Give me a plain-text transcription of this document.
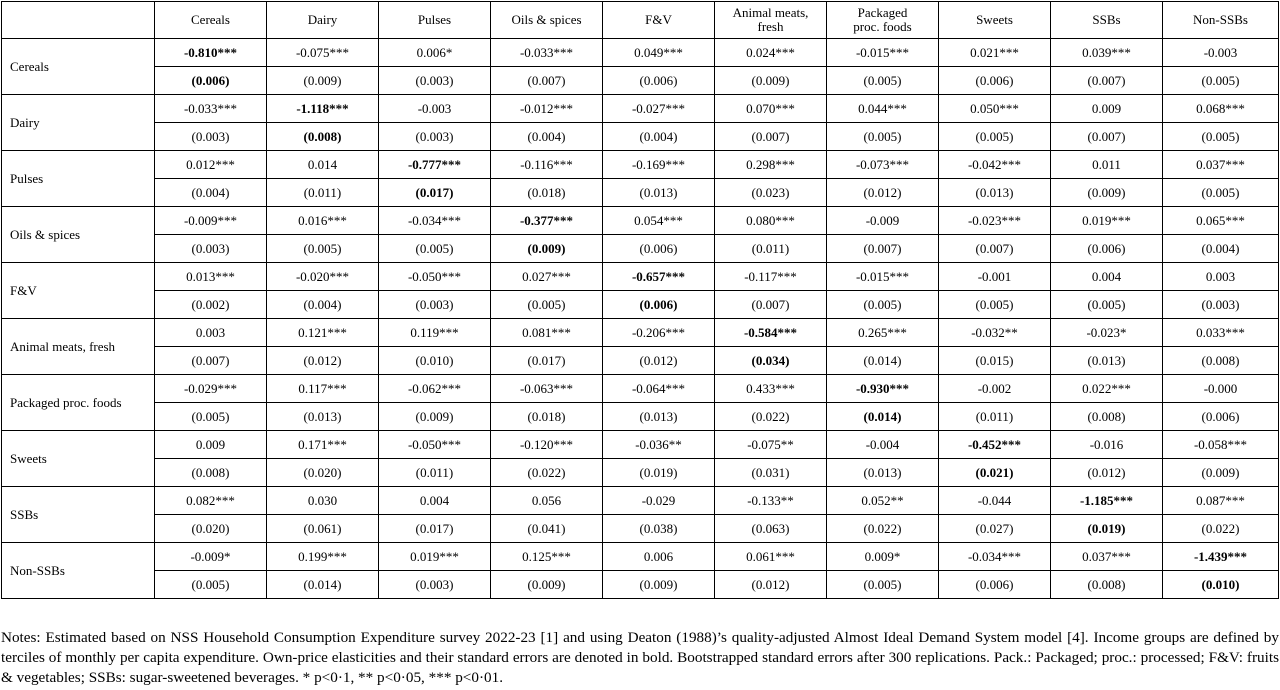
	Cereals	Dairy	Pulses	Oils & spices	F&V	Animal meats, fresh	Packaged proc. foods	Sweets	SSBs	Non-SSBs
Cereals	-0.810***	-0.075***	0.006*	-0.033***	0.049***	0.024***	-0.015***	0.021***	0.039***	-0.003
	(0.006)	(0.009)	(0.003)	(0.007)	(0.006)	(0.009)	(0.005)	(0.006)	(0.007)	(0.005)
Dairy	-0.033***	-1.118***	-0.003	-0.012***	-0.027***	0.070***	0.044***	0.050***	0.009	0.068***
	(0.003)	(0.008)	(0.003)	(0.004)	(0.004)	(0.007)	(0.005)	(0.005)	(0.007)	(0.005)
Pulses	0.012***	0.014	-0.777***	-0.116***	-0.169***	0.298***	-0.073***	-0.042***	0.011	0.037***
	(0.004)	(0.011)	(0.017)	(0.018)	(0.013)	(0.023)	(0.012)	(0.013)	(0.009)	(0.005)
Oils & spices	-0.009***	0.016***	-0.034***	-0.377***	0.054***	0.080***	-0.009	-0.023***	0.019***	0.065***
	(0.003)	(0.005)	(0.005)	(0.009)	(0.006)	(0.011)	(0.007)	(0.007)	(0.006)	(0.004)
F&V	0.013***	-0.020***	-0.050***	0.027***	-0.657***	-0.117***	-0.015***	-0.001	0.004	0.003
	(0.002)	(0.004)	(0.003)	(0.005)	(0.006)	(0.007)	(0.005)	(0.005)	(0.005)	(0.003)
Animal meats, fresh	0.003	0.121***	0.119***	0.081***	-0.206***	-0.584***	0.265***	-0.032**	-0.023*	0.033***
	(0.007)	(0.012)	(0.010)	(0.017)	(0.012)	(0.034)	(0.014)	(0.015)	(0.013)	(0.008)
Packaged proc. foods	-0.029***	0.117***	-0.062***	-0.063***	-0.064***	0.433***	-0.930***	-0.002	0.022***	-0.000
	(0.005)	(0.013)	(0.009)	(0.018)	(0.013)	(0.022)	(0.014)	(0.011)	(0.008)	(0.006)
Sweets	0.009	0.171***	-0.050***	-0.120***	-0.036**	-0.075**	-0.004	-0.452***	-0.016	-0.058***
	(0.008)	(0.020)	(0.011)	(0.022)	(0.019)	(0.031)	(0.013)	(0.021)	(0.012)	(0.009)
SSBs	0.082***	0.030	0.004	0.056	-0.029	-0.133**	0.052**	-0.044	-1.185***	0.087***
	(0.020)	(0.061)	(0.017)	(0.041)	(0.038)	(0.063)	(0.022)	(0.027)	(0.019)	(0.022)
Non-SSBs	-0.009*	0.199***	0.019***	0.125***	0.006	0.061***	0.009*	-0.034***	0.037***	-1.439***
	(0.005)	(0.014)	(0.003)	(0.009)	(0.009)	(0.012)	(0.005)	(0.006)	(0.008)	(0.010)

Notes: Estimated based on NSS Household Consumption Expenditure survey 2022-23 [1] and using Deaton (1988)’s quality-adjusted Almost Ideal Demand System model [4]. Income groups are defined by terciles of monthly per capita expenditure. Own-price elasticities and their standard errors are denoted in bold. Bootstrapped standard errors after 300 replications. Pack.: Packaged; proc.: processed; F&V: fruits & vegetables; SSBs: sugar-sweetened beverages. * p<0·1, ** p<0·05, *** p<0·01.
